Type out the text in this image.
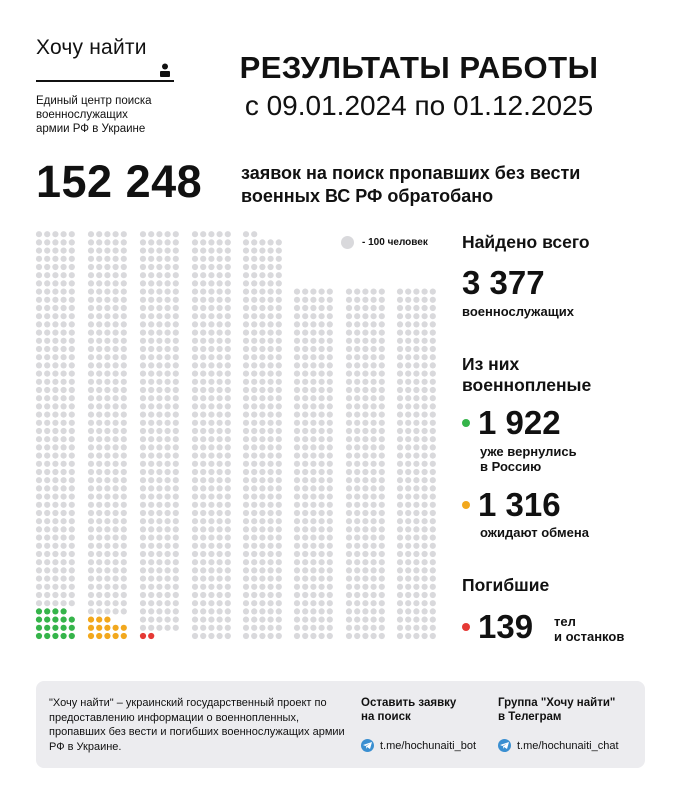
Хочу найти
Единый центр поиска
военнослужащих
армии РФ в Украине
РЕЗУЛЬТАТЫ РАБОТЫ
с 09.01.2024 по 01.12.2025
152 248 заявок на поиск пропавших без вести
военных ВС РФ обратобано
- 100 человек Найдено всего
3 377
военнослужащих
Из них
военнопленые
1 922
уже вернулись
в Россию
1 316
ожидают обмена
Погибшие
139 тел
и останков
"Хочу найти" – украинский государственный проект по предоставлению информации о военнопленных, пропавших без вести и погибших военнослужащих армии РФ в Украине.
Оставить заявку
на поиск
t.me/hochunaiti_bot
Группа "Хочу найти"
в Телеграм
t.me/hochunaiti_chat
